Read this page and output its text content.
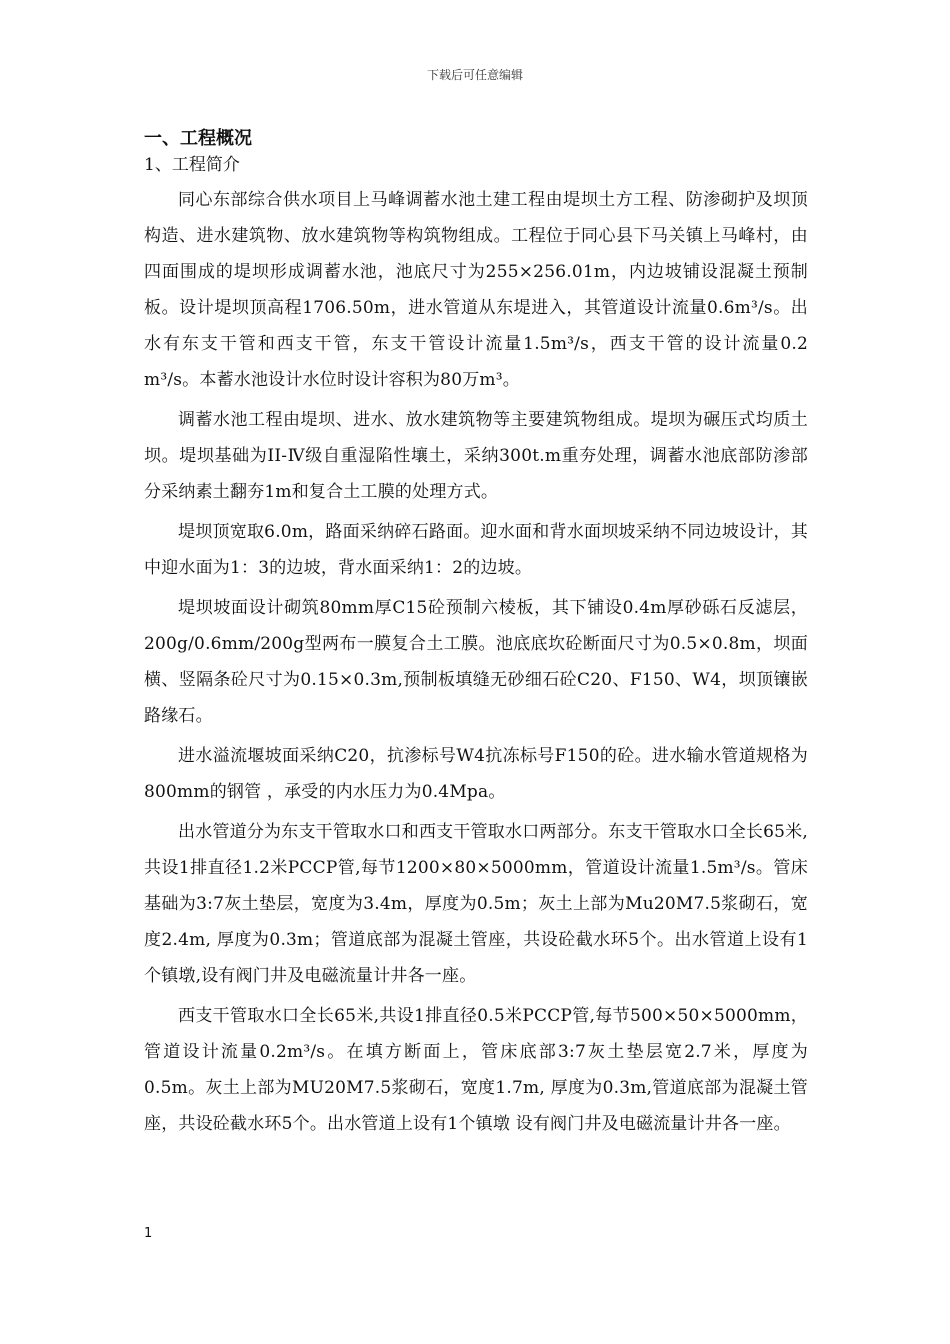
下载后可任意编辑
一、工程概况
1、工程简介

同心东部综合供水项目上马峰调蓄水池土建工程由堤坝土方工程、防渗砌护及坝顶构造、进水建筑物、放水建筑物等构筑物组成。工程位于同心县下马关镇上马峰村，由四面围成的堤坝形成调蓄水池，池底尺寸为255×256.01m，内边坡铺设混凝土预制板。设计堤坝顶高程1706.50m，进水管道从东堤进入，其管道设计流量0.6m³/s。出水有东支干管和西支干管，东支干管设计流量1.5m³/s，西支干管的设计流量0.2 m³/s。本蓄水池设计水位时设计容积为80万m³。

调蓄水池工程由堤坝、进水、放水建筑物等主要建筑物组成。堤坝为碾压式均质土坝。堤坝基础为II-Ⅳ级自重湿陷性壤土，采纳300t.m重夯处理，调蓄水池底部防渗部分采纳素土翻夯1m和复合土工膜的处理方式。

堤坝顶宽取6.0m，路面采纳碎石路面。迎水面和背水面坝坡采纳不同边坡设计，其中迎水面为1：3的边坡，背水面采纳1：2的边坡。

堤坝坡面设计砌筑80mm厚C15砼预制六棱板，其下铺设0.4m厚砂砾石反滤层，200g/0.6mm/200g型两布一膜复合土工膜。池底底坎砼断面尺寸为0.5×0.8m，坝面横、竖隔条砼尺寸为0.15×0.3m,预制板填缝无砂细石砼C20、F150、W4，坝顶镶嵌路缘石。

进水溢流堰坡面采纳C20，抗渗标号W4抗冻标号F150的砼。进水输水管道规格为800mm的钢管 ，承受的内水压力为0.4Mpa。

出水管道分为东支干管取水口和西支干管取水口两部分。东支干管取水口全长65米,共设1排直径1.2米PCCP管,每节1200×80×5000mm，管道设计流量1.5m³/s。管床基础为3:7灰土垫层，宽度为3.4m，厚度为0.5m；灰土上部为Mu20M7.5浆砌石，宽度2.4m, 厚度为0.3m；管道底部为混凝土管座，共设砼截水环5个。出水管道上设有1个镇墩,设有阀门井及电磁流量计井各一座。

西支干管取水口全长65米,共设1排直径0.5米PCCP管,每节500×50×5000mm，管道设计流量0.2m³/s。在填方断面上，管床底部3:7灰土垫层宽2.7米，厚度为0.5m。灰土上部为MU20M7.5浆砌石，宽度1.7m, 厚度为0.3m,管道底部为混凝土管座，共设砼截水环5个。出水管道上设有1个镇墩 设有阀门井及电磁流量计井各一座。

1
